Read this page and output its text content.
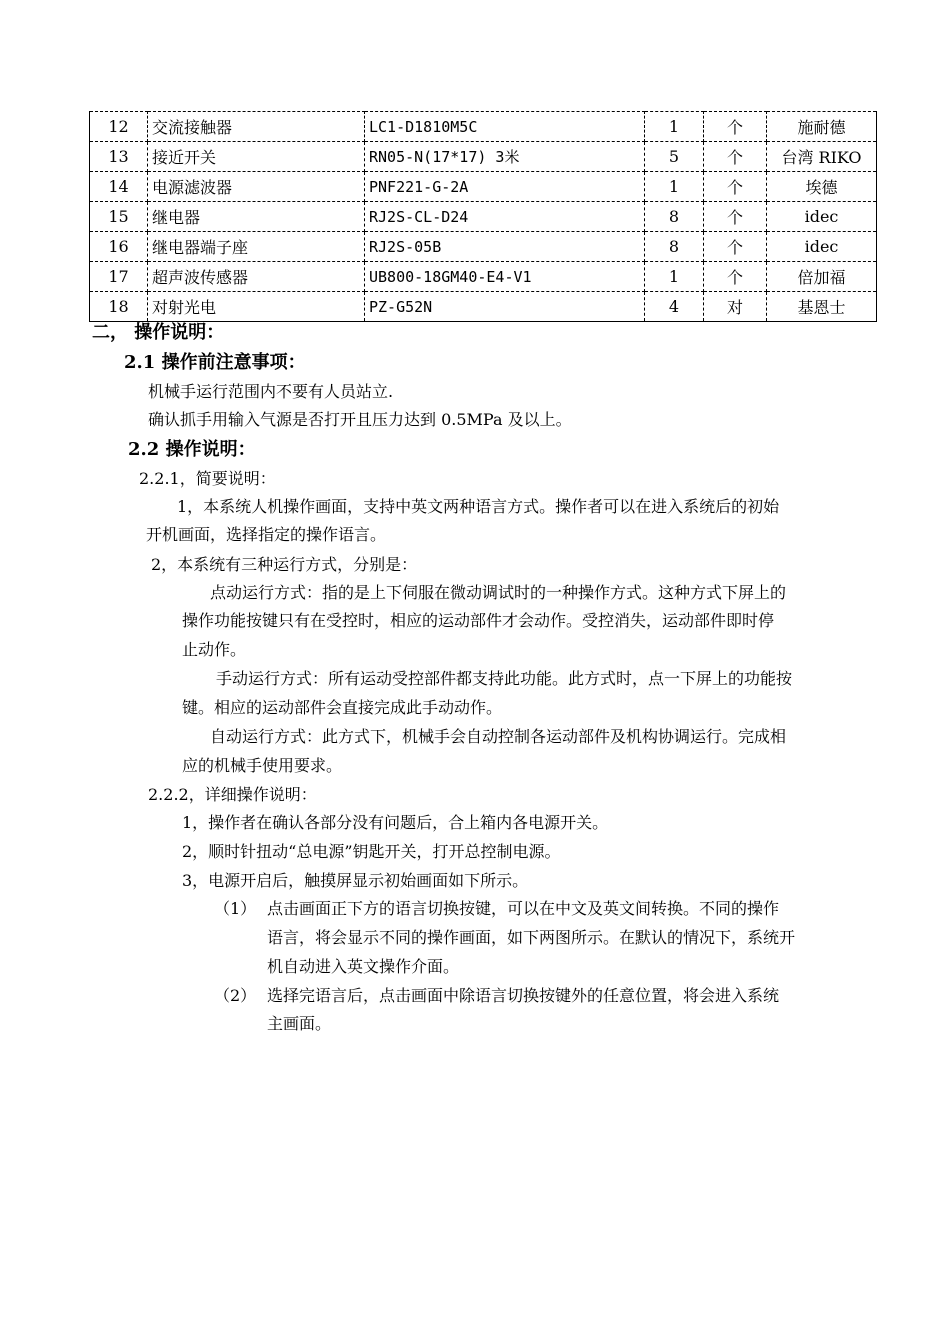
12	交流接触器	LC1-D1810M5C	1	个	施耐德
13	接近开关	RN05-N(17*17) 3米	5	个	台湾 RIKO
14	电源滤波器	PNF221-G-2A	1	个	埃德
15	继电器	RJ2S-CL-D24	8	个	idec
16	继电器端子座	RJ2S-05B	8	个	idec
17	超声波传感器	UB800-18GM40-E4-V1	1	个	倍加福
18	对射光电	PZ-G52N	4	对	基恩士
二， 操作说明：
2.1 操作前注意事项：
机械手运行范围内不要有人员站立.
确认抓手用输入气源是否打开且压力达到 0.5MPa 及以上。
2.2 操作说明：
2.2.1，简要说明：
1，本系统人机操作画面，支持中英文两种语言方式。操作者可以在进入系统后的初始
开机画面，选择指定的操作语言。
2，本系统有三种运行方式，分别是：
点动运行方式：指的是上下伺服在微动调试时的一种操作方式。这种方式下屏上的
操作功能按键只有在受控时，相应的运动部件才会动作。受控消失，运动部件即时停
止动作。
手动运行方式：所有运动受控部件都支持此功能。此方式时，点一下屏上的功能按
键。相应的运动部件会直接完成此手动动作。
自动运行方式：此方式下，机械手会自动控制各运动部件及机构协调运行。完成相
应的机械手使用要求。
2.2.2，详细操作说明：
1，操作者在确认各部分没有问题后，合上箱内各电源开关。
2，顺时针扭动“总电源”钥匙开关，打开总控制电源。
3，电源开启后，触摸屏显示初始画面如下所示。
（1） 点击画面正下方的语言切换按键，可以在中文及英文间转换。不同的操作
语言，将会显示不同的操作画面，如下两图所示。在默认的情况下，系统开
机自动进入英文操作介面。
（2） 选择完语言后，点击画面中除语言切换按键外的任意位置，将会进入系统
主画面。
